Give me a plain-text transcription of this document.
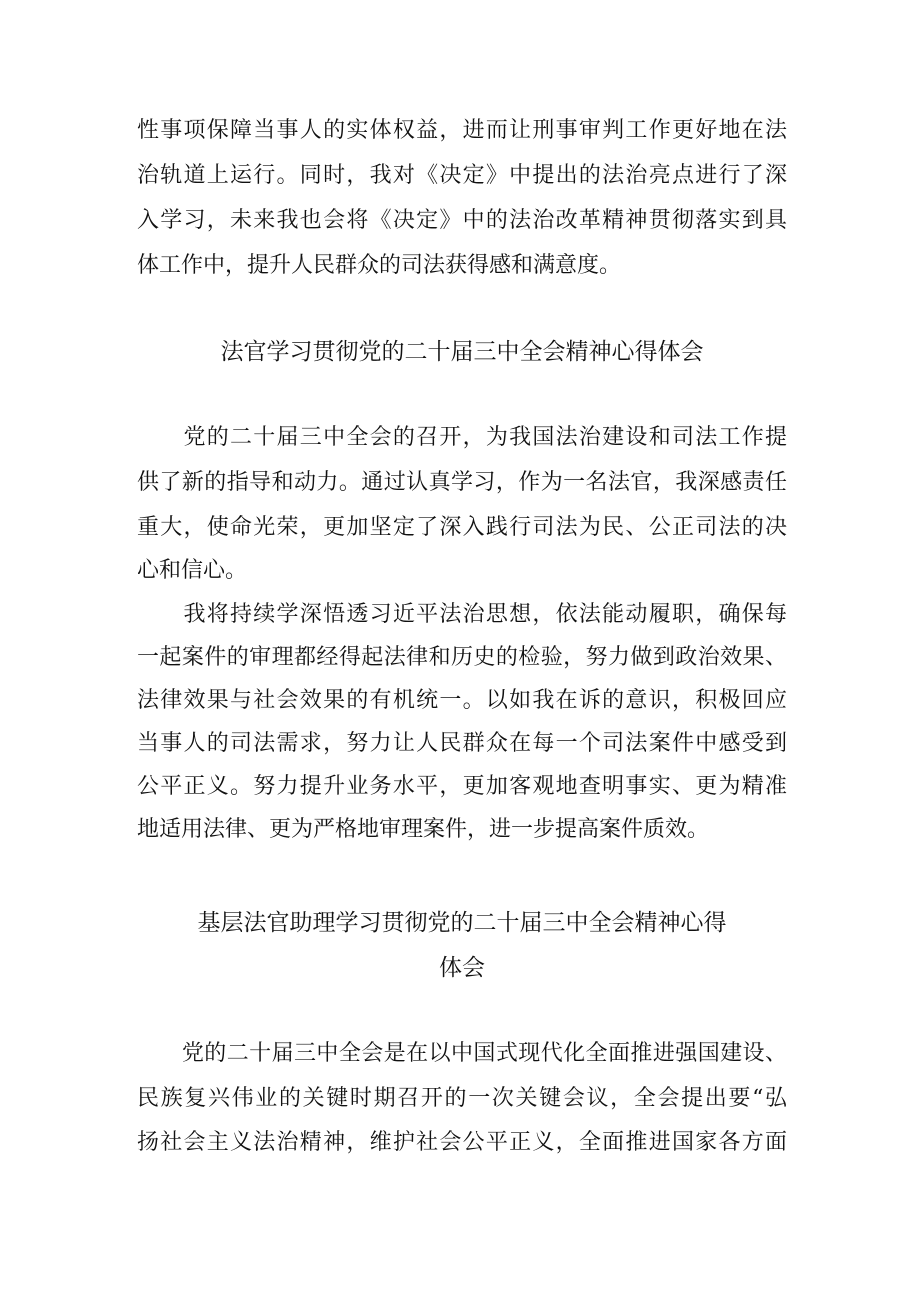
性事项保障当事人的实体权益，进而让刑事审判工作更好地在法
治轨道上运行。同时，我对《决定》中提出的法治亮点进行了深
入学习，未来我也会将《决定》中的法治改革精神贯彻落实到具
体工作中，提升人民群众的司法获得感和满意度。
法官学习贯彻党的二十届三中全会精神心得体会
　　党的二十届三中全会的召开，为我国法治建设和司法工作提
供了新的指导和动力。通过认真学习，作为一名法官，我深感责任
重大，使命光荣，更加坚定了深入践行司法为民、公正司法的决
心和信心。
　　我将持续学深悟透习近平法治思想，依法能动履职，确保每
一起案件的审理都经得起法律和历史的检验，努力做到政治效果、
法律效果与社会效果的有机统一。以如我在诉的意识，积极回应
当事人的司法需求，努力让人民群众在每一个司法案件中感受到
公平正义。努力提升业务水平，更加客观地查明事实、更为精准
地适用法律、更为严格地审理案件，进一步提高案件质效。
基层法官助理学习贯彻党的二十届三中全会精神心得
体会
　　党的二十届三中全会是在以中国式现代化全面推进强国建设、
民族复兴伟业的关键时期召开的一次关键会议，全会提出要“弘
扬社会主义法治精神，维护社会公平正义，全面推进国家各方面
